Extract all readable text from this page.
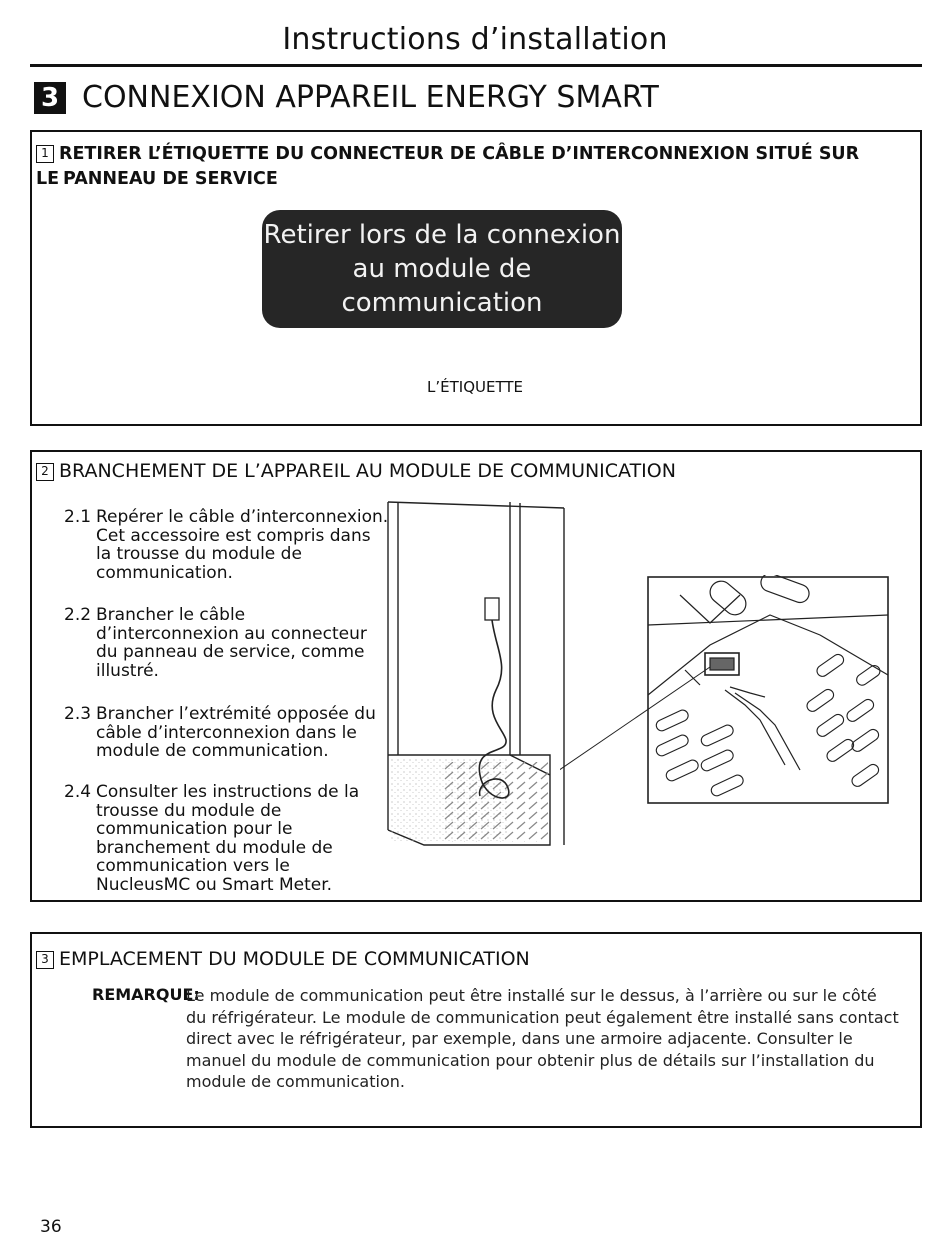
Instructions d’installation
3 CONNEXION APPAREIL ENERGY SMART
1 RETIRER L’ÉTIQUETTE DU CONNECTEUR DE CÂBLE D’INTERCONNEXION SITUÉ SUR LE PANNEAU DE SERVICE
Retirer lors de la connexion
au module de
communication
L’ÉTIQUETTE
2 BRANCHEMENT DE L’APPAREIL AU MODULE DE COMMUNICATION

2.1 Repérer le câble d’interconnexion. Cet accessoire est compris dans la trousse du module de communication.

2.2 Brancher le câble d’interconnexion au connecteur du panneau de service, comme illustré.

2.3 Brancher l’extrémité opposée du câble d’interconnexion dans le module de communication.

2.4 Consulter les instructions de la trousse du module de communication pour le branchement du module de communication vers le NucleusMC ou Smart Meter.

3 EMPLACEMENT DU MODULE DE COMMUNICATION
REMARQUE:

Le module de communication peut être installé sur le dessus, à l’arrière ou sur le côté du réfrigérateur. Le module de communication peut également être installé sans contact direct avec le réfrigérateur, par exemple, dans une armoire adjacente. Consulter le manuel du module de communication pour obtenir plus de détails sur l’installation du module de communication.

36
